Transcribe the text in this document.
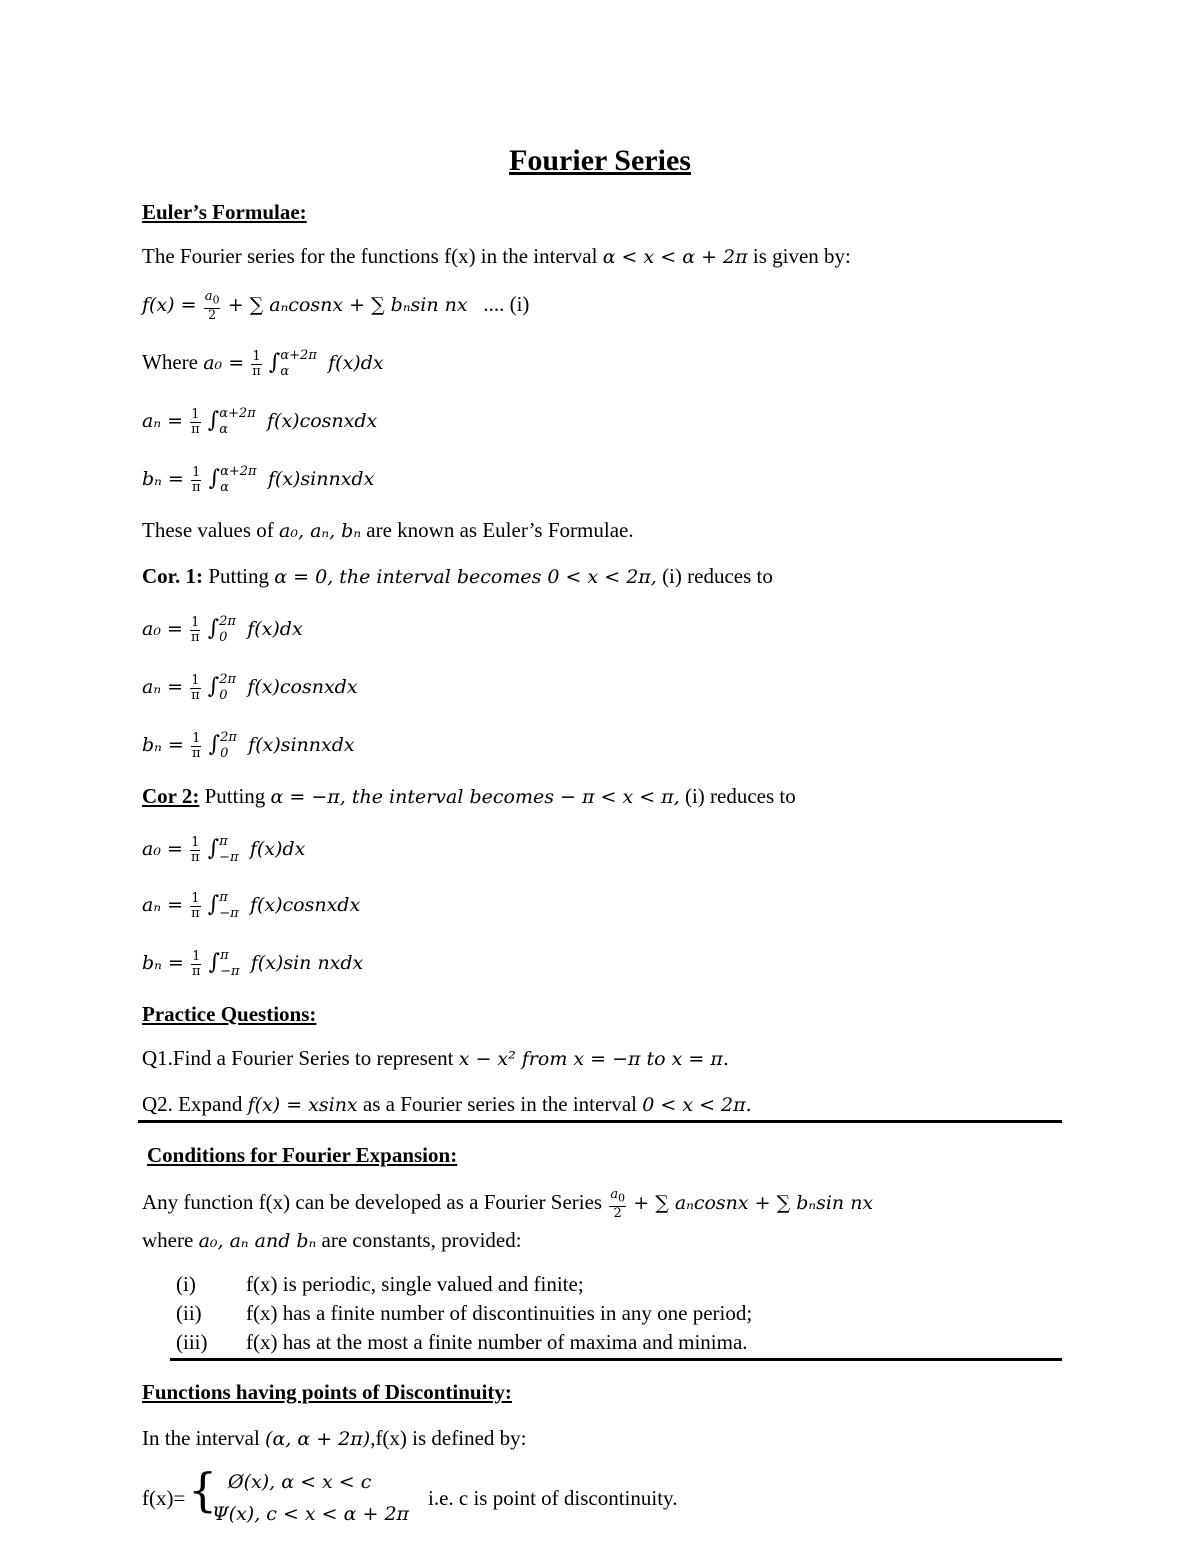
Fourier Series
Euler’s Formulae:
The Fourier series for the functions f(x) in the interval α < x < α + 2π is given by:
$f(x) = \frac{a_0}{2}$ + ∑ aₙcosnx + ∑ bₙsin nx .... (i)
Where $a_0 = \frac{1}{\pi}$ ∫ α+2π
α	f(x)dx
$a_n = \frac{1}{\pi}$ ∫ α+2π
α	f(x)cosnxdx
$b_n = \frac{1}{\pi}$ ∫ α+2π
α	f(x)sinnxdx
These values of a₀, aₙ, bₙ are known as Euler’s Formulae.
Cor. 1: Putting α = 0, the interval becomes 0 < x < 2π, (i) reduces to
$a_0 = \frac{1}{\pi}$ ∫ 2π
0	f(x)dx
$a_n = \frac{1}{\pi}$ ∫ 2π
0	f(x)cosnxdx
$b_n = \frac{1}{\pi}$ ∫ 2π
0	f(x)sinnxdx
Cor 2: Putting α = −π, the interval becomes − π < x < π, (i) reduces to
$a_0 = \frac{1}{\pi}$ ∫ π
−π f(x)dx
$a_n = \frac{1}{\pi}$ ∫ π
−π f(x)cosnxdx
$b_n = \frac{1}{\pi}$ ∫ π
−π f(x)sin nxdx
Practice Questions:
Q1.Find a Fourier Series to represent x − x² from x = −π to x = π.
Q2. Expand f(x) = xsinx as a Fourier series in the interval 0 < x < 2π.
Conditions for Fourier Expansion:
Any function f(x) can be developed as a Fourier Series $\frac{a_0}{2}$ + ∑ aₙcosnx + ∑ bₙsin nx
where a₀, aₙ and bₙ are constants, provided:
(i) f(x) is periodic, single valued and finite;
(ii) f(x) has a finite number of discontinuities in any one period;
(iii) f(x) has at the most a finite number of maxima and minima.
Functions having points of Discontinuity:
In the interval (α, α + 2π),f(x) is defined by:
f(x)= { Ø(x), α < x < c
Ψ(x), c < x < α + 2π
i.e. c is point of discontinuity.
